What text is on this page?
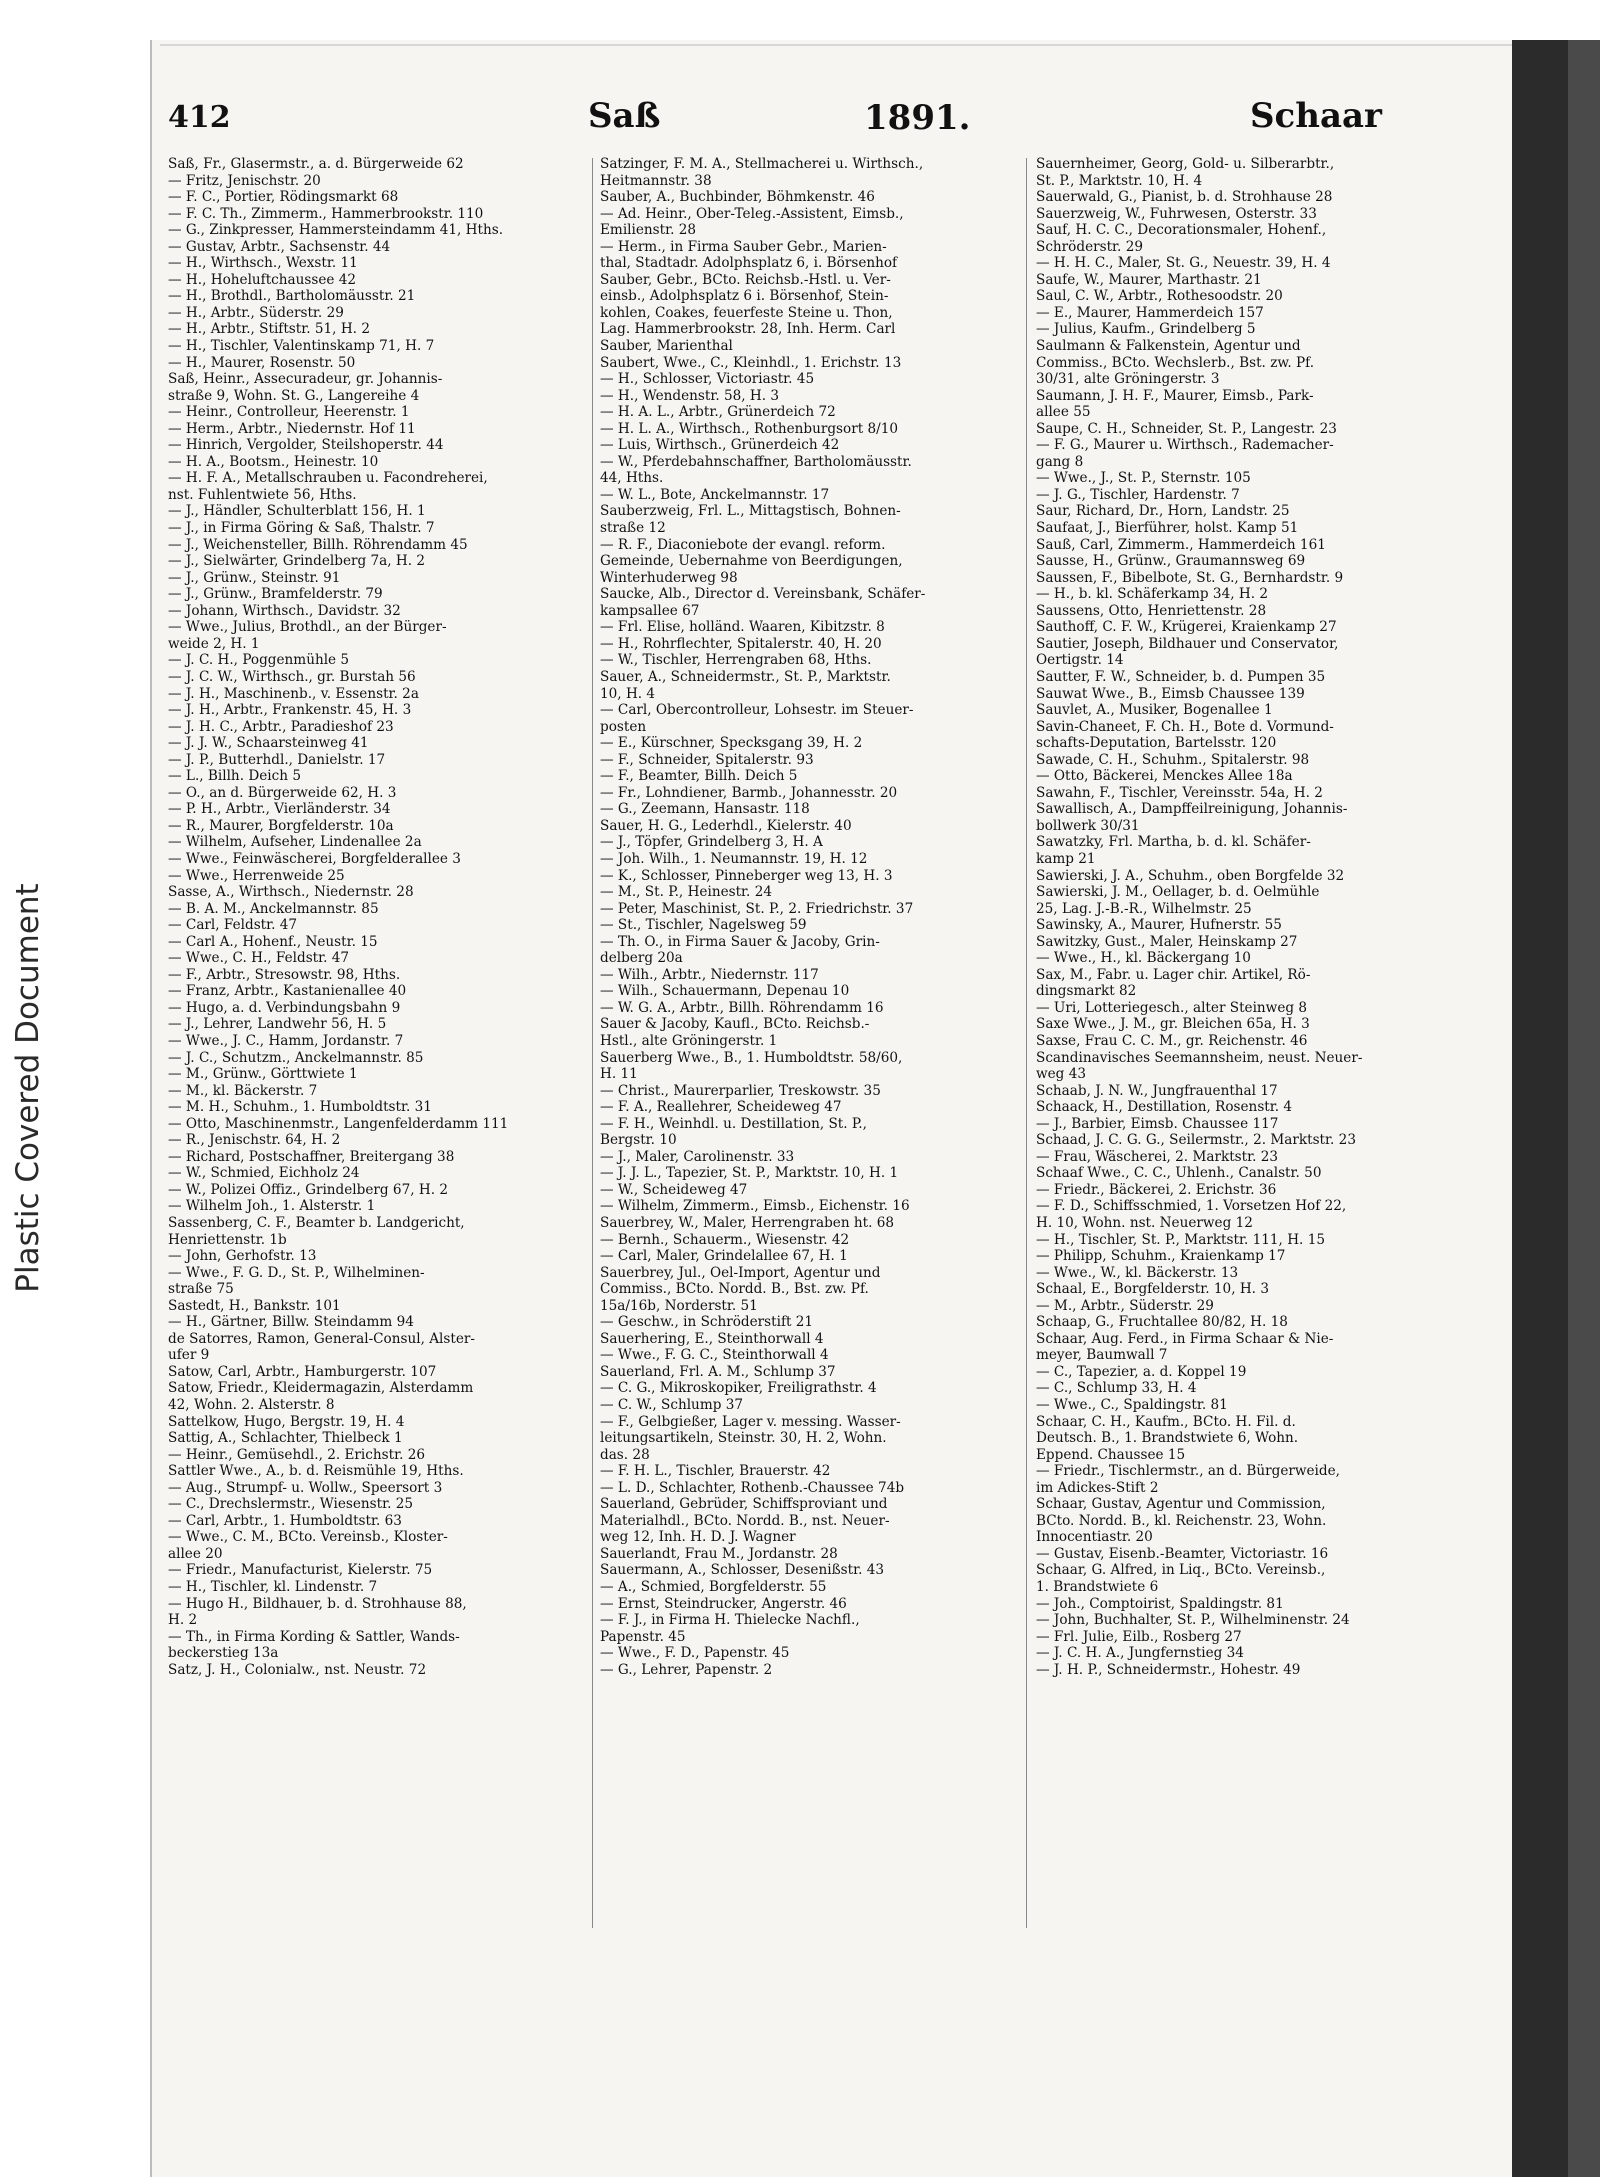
Plastic Covered Document
412	Saß	1891.	Schaar
Saß, Fr., Glasermstr., a. d. Bürgerweide 62
— Fritz, Jenischstr. 20
— F. C., Portier, Rödingsmarkt 68
— F. C. Th., Zimmerm., Hammerbrookstr. 110
— G., Zinkpresser, Hammersteindamm 41, Hths.
— Gustav, Arbtr., Sachsenstr. 44
— H., Wirthsch., Wexstr. 11
— H., Hoheluftchaussee 42
— H., Brothdl., Bartholomäusstr. 21
— H., Arbtr., Süderstr. 29
— H., Arbtr., Stiftstr. 51, H. 2
— H., Tischler, Valentinskamp 71, H. 7
— H., Maurer, Rosenstr. 50
Saß, Heinr., Assecuradeur, gr. Johannis-
straße 9, Wohn. St. G., Langereihe 4
— Heinr., Controlleur, Heerenstr. 1
— Herm., Arbtr., Niedernstr. Hof 11
— Hinrich, Vergolder, Steilshoperstr. 44
— H. A., Bootsm., Heinestr. 10
— H. F. A., Metallschrauben u. Facondreherei,
nst. Fuhlentwiete 56, Hths.
— J., Händler, Schulterblatt 156, H. 1
— J., in Firma Göring & Saß, Thalstr. 7
— J., Weichensteller, Billh. Röhrendamm 45
— J., Sielwärter, Grindelberg 7a, H. 2
— J., Grünw., Steinstr. 91
— J., Grünw., Bramfelderstr. 79
— Johann, Wirthsch., Davidstr. 32
— Wwe., Julius, Brothdl., an der Bürger-
weide 2, H. 1
— J. C. H., Poggenmühle 5
— J. C. W., Wirthsch., gr. Burstah 56
— J. H., Maschinenb., v. Essenstr. 2a
— J. H., Arbtr., Frankenstr. 45, H. 3
— J. H. C., Arbtr., Paradieshof 23
— J. J. W., Schaarsteinweg 41
— J. P., Butterhdl., Danielstr. 17
— L., Billh. Deich 5
— O., an d. Bürgerweide 62, H. 3
— P. H., Arbtr., Vierländerstr. 34
— R., Maurer, Borgfelderstr. 10a
— Wilhelm, Aufseher, Lindenallee 2a
— Wwe., Feinwäscherei, Borgfelderallee 3
— Wwe., Herrenweide 25
Sasse, A., Wirthsch., Niedernstr. 28
— B. A. M., Anckelmannstr. 85
— Carl, Feldstr. 47
— Carl A., Hohenf., Neustr. 15
— Wwe., C. H., Feldstr. 47
— F., Arbtr., Stresowstr. 98, Hths.
— Franz, Arbtr., Kastanienallee 40
— Hugo, a. d. Verbindungsbahn 9
— J., Lehrer, Landwehr 56, H. 5
— Wwe., J. C., Hamm, Jordanstr. 7
— J. C., Schutzm., Anckelmannstr. 85
— M., Grünw., Görttwiete 1
— M., kl. Bäckerstr. 7
— M. H., Schuhm., 1. Humboldtstr. 31
— Otto, Maschinenmstr., Langenfelderdamm 111
— R., Jenischstr. 64, H. 2
— Richard, Postschaffner, Breitergang 38
— W., Schmied, Eichholz 24
— W., Polizei Offiz., Grindelberg 67, H. 2
— Wilhelm Joh., 1. Alsterstr. 1
Sassenberg, C. F., Beamter b. Landgericht,
Henriettenstr. 1b
— John, Gerhofstr. 13
— Wwe., F. G. D., St. P., Wilhelminen-
straße 75
Sastedt, H., Bankstr. 101
— H., Gärtner, Billw. Steindamm 94
de Satorres, Ramon, General-Consul, Alster-
ufer 9
Satow, Carl, Arbtr., Hamburgerstr. 107
Satow, Friedr., Kleidermagazin, Alsterdamm
42, Wohn. 2. Alsterstr. 8
Sattelkow, Hugo, Bergstr. 19, H. 4
Sattig, A., Schlachter, Thielbeck 1
— Heinr., Gemüsehdl., 2. Erichstr. 26
Sattler Wwe., A., b. d. Reismühle 19, Hths.
— Aug., Strumpf- u. Wollw., Speersort 3
— C., Drechslermstr., Wiesenstr. 25
— Carl, Arbtr., 1. Humboldtstr. 63
— Wwe., C. M., BCto. Vereinsb., Kloster-
allee 20
— Friedr., Manufacturist, Kielerstr. 75
— H., Tischler, kl. Lindenstr. 7
— Hugo H., Bildhauer, b. d. Strohhause 88,
H. 2
— Th., in Firma Kording & Sattler, Wands-
beckerstieg 13a
Satz, J. H., Colonialw., nst. Neustr. 72
Satzinger, F. M. A., Stellmacherei u. Wirthsch.,
Heitmannstr. 38
Sauber, A., Buchbinder, Böhmkenstr. 46
— Ad. Heinr., Ober-Teleg.-Assistent, Eimsb.,
Emilienstr. 28
— Herm., in Firma Sauber Gebr., Marien-
thal, Stadtadr. Adolphsplatz 6, i. Börsenhof
Sauber, Gebr., BCto. Reichsb.-Hstl. u. Ver-
einsb., Adolphsplatz 6 i. Börsenhof, Stein-
kohlen, Coakes, feuerfeste Steine u. Thon,
Lag. Hammerbrookstr. 28, Inh. Herm. Carl
Sauber, Marienthal
Saubert, Wwe., C., Kleinhdl., 1. Erichstr. 13
— H., Schlosser, Victoriastr. 45
— H., Wendenstr. 58, H. 3
— H. A. L., Arbtr., Grünerdeich 72
— H. L. A., Wirthsch., Rothenburgsort 8/10
— Luis, Wirthsch., Grünerdeich 42
— W., Pferdebahnschaffner, Bartholomäusstr.
44, Hths.
— W. L., Bote, Anckelmannstr. 17
Sauberzweig, Frl. L., Mittagstisch, Bohnen-
straße 12
— R. F., Diaconiebote der evangl. reform.
Gemeinde, Uebernahme von Beerdigungen,
Winterhuderweg 98
Saucke, Alb., Director d. Vereinsbank, Schäfer-
kampsallee 67
— Frl. Elise, holländ. Waaren, Kibitzstr. 8
— H., Rohrflechter, Spitalerstr. 40, H. 20
— W., Tischler, Herrengraben 68, Hths.
Sauer, A., Schneidermstr., St. P., Marktstr.
10, H. 4
— Carl, Obercontrolleur, Lohsestr. im Steuer-
posten
— E., Kürschner, Specksgang 39, H. 2
— F., Schneider, Spitalerstr. 93
— F., Beamter, Billh. Deich 5
— Fr., Lohndiener, Barmb., Johannesstr. 20
— G., Zeemann, Hansastr. 118
Sauer, H. G., Lederhdl., Kielerstr. 40
— J., Töpfer, Grindelberg 3, H. A
— Joh. Wilh., 1. Neumannstr. 19, H. 12
— K., Schlosser, Pinneberger weg 13, H. 3
— M., St. P., Heinestr. 24
— Peter, Maschinist, St. P., 2. Friedrichstr. 37
— St., Tischler, Nagelsweg 59
— Th. O., in Firma Sauer & Jacoby, Grin-
delberg 20a
— Wilh., Arbtr., Niedernstr. 117
— Wilh., Schauermann, Depenau 10
— W. G. A., Arbtr., Billh. Röhrendamm 16
Sauer & Jacoby, Kaufl., BCto. Reichsb.-
Hstl., alte Gröningerstr. 1
Sauerberg Wwe., B., 1. Humboldtstr. 58/60,
H. 11
— Christ., Maurerparlier, Treskowstr. 35
— F. A., Reallehrer, Scheideweg 47
— F. H., Weinhdl. u. Destillation, St. P.,
Bergstr. 10
— J., Maler, Carolinenstr. 33
— J. J. L., Tapezier, St. P., Marktstr. 10, H. 1
— W., Scheideweg 47
— Wilhelm, Zimmerm., Eimsb., Eichenstr. 16
Sauerbrey, W., Maler, Herrengraben ht. 68
— Bernh., Schauerm., Wiesenstr. 42
— Carl, Maler, Grindelallee 67, H. 1
Sauerbrey, Jul., Oel-Import, Agentur und
Commiss., BCto. Nordd. B., Bst. zw. Pf.
15a/16b, Norderstr. 51
— Geschw., in Schröderstift 21
Sauerhering, E., Steinthorwall 4
— Wwe., F. G. C., Steinthorwall 4
Sauerland, Frl. A. M., Schlump 37
— C. G., Mikroskopiker, Freiligrathstr. 4
— C. W., Schlump 37
— F., Gelbgießer, Lager v. messing. Wasser-
leitungsartikeln, Steinstr. 30, H. 2, Wohn.
das. 28
— F. H. L., Tischler, Brauerstr. 42
— L. D., Schlachter, Rothenb.-Chaussee 74b
Sauerland, Gebrüder, Schiffsproviant und
Materialhdl., BCto. Nordd. B., nst. Neuer-
weg 12, Inh. H. D. J. Wagner
Sauerlandt, Frau M., Jordanstr. 28
Sauermann, A., Schlosser, Desenißstr. 43
— A., Schmied, Borgfelderstr. 55
— Ernst, Steindrucker, Angerstr. 46
— F. J., in Firma H. Thielecke Nachfl.,
Papenstr. 45
— Wwe., F. D., Papenstr. 45
— G., Lehrer, Papenstr. 2
Sauernheimer, Georg, Gold- u. Silberarbtr.,
St. P., Marktstr. 10, H. 4
Sauerwald, G., Pianist, b. d. Strohhause 28
Sauerzweig, W., Fuhrwesen, Osterstr. 33
Sauf, H. C. C., Decorationsmaler, Hohenf.,
Schröderstr. 29
— H. H. C., Maler, St. G., Neuestr. 39, H. 4
Saufe, W., Maurer, Marthastr. 21
Saul, C. W., Arbtr., Rothesoodstr. 20
— E., Maurer, Hammerdeich 157
— Julius, Kaufm., Grindelberg 5
Saulmann & Falkenstein, Agentur und
Commiss., BCto. Wechslerb., Bst. zw. Pf.
30/31, alte Gröningerstr. 3
Saumann, J. H. F., Maurer, Eimsb., Park-
allee 55
Saupe, C. H., Schneider, St. P., Langestr. 23
— F. G., Maurer u. Wirthsch., Rademacher-
gang 8
— Wwe., J., St. P., Sternstr. 105
— J. G., Tischler, Hardenstr. 7
Saur, Richard, Dr., Horn, Landstr. 25
Saufaat, J., Bierführer, holst. Kamp 51
Sauß, Carl, Zimmerm., Hammerdeich 161
Sausse, H., Grünw., Graumannsweg 69
Saussen, F., Bibelbote, St. G., Bernhardstr. 9
— H., b. kl. Schäferkamp 34, H. 2
Saussens, Otto, Henriettenstr. 28
Sauthoff, C. F. W., Krügerei, Kraienkamp 27
Sautier, Joseph, Bildhauer und Conservator,
Oertigstr. 14
Sautter, F. W., Schneider, b. d. Pumpen 35
Sauwat Wwe., B., Eimsb Chaussee 139
Sauvlet, A., Musiker, Bogenallee 1
Savin-Chaneet, F. Ch. H., Bote d. Vormund-
schafts-Deputation, Bartelsstr. 120
Sawade, C. H., Schuhm., Spitalerstr. 98
— Otto, Bäckerei, Menckes Allee 18a
Sawahn, F., Tischler, Vereinsstr. 54a, H. 2
Sawallisch, A., Dampffeilreinigung, Johannis-
bollwerk 30/31
Sawatzky, Frl. Martha, b. d. kl. Schäfer-
kamp 21
Sawierski, J. A., Schuhm., oben Borgfelde 32
Sawierski, J. M., Oellager, b. d. Oelmühle
25, Lag. J.-B.-R., Wilhelmstr. 25
Sawinsky, A., Maurer, Hufnerstr. 55
Sawitzky, Gust., Maler, Heinskamp 27
— Wwe., H., kl. Bäckergang 10
Sax, M., Fabr. u. Lager chir. Artikel, Rö-
dingsmarkt 82
— Uri, Lotteriegesch., alter Steinweg 8
Saxe Wwe., J. M., gr. Bleichen 65a, H. 3
Saxse, Frau C. C. M., gr. Reichenstr. 46
Scandinavisches Seemannsheim, neust. Neuer-
weg 43
Schaab, J. N. W., Jungfrauenthal 17
Schaack, H., Destillation, Rosenstr. 4
— J., Barbier, Eimsb. Chaussee 117
Schaad, J. C. G. G., Seilermstr., 2. Marktstr. 23
— Frau, Wäscherei, 2. Marktstr. 23
Schaaf Wwe., C. C., Uhlenh., Canalstr. 50
— Friedr., Bäckerei, 2. Erichstr. 36
— F. D., Schiffsschmied, 1. Vorsetzen Hof 22,
H. 10, Wohn. nst. Neuerweg 12
— H., Tischler, St. P., Marktstr. 111, H. 15
— Philipp, Schuhm., Kraienkamp 17
— Wwe., W., kl. Bäckerstr. 13
Schaal, E., Borgfelderstr. 10, H. 3
— M., Arbtr., Süderstr. 29
Schaap, G., Fruchtallee 80/82, H. 18
Schaar, Aug. Ferd., in Firma Schaar & Nie-
meyer, Baumwall 7
— C., Tapezier, a. d. Koppel 19
— C., Schlump 33, H. 4
— Wwe., C., Spaldingstr. 81
Schaar, C. H., Kaufm., BCto. H. Fil. d.
Deutsch. B., 1. Brandstwiete 6, Wohn.
Eppend. Chaussee 15
— Friedr., Tischlermstr., an d. Bürgerweide,
im Adickes-Stift 2
Schaar, Gustav, Agentur und Commission,
BCto. Nordd. B., kl. Reichenstr. 23, Wohn.
Innocentiastr. 20
— Gustav, Eisenb.-Beamter, Victoriastr. 16
Schaar, G. Alfred, in Liq., BCto. Vereinsb.,
1. Brandstwiete 6
— Joh., Comptoirist, Spaldingstr. 81
— John, Buchhalter, St. P., Wilhelminenstr. 24
— Frl. Julie, Eilb., Rosberg 27
— J. C. H. A., Jungfernstieg 34
— J. H. P., Schneidermstr., Hohestr. 49
